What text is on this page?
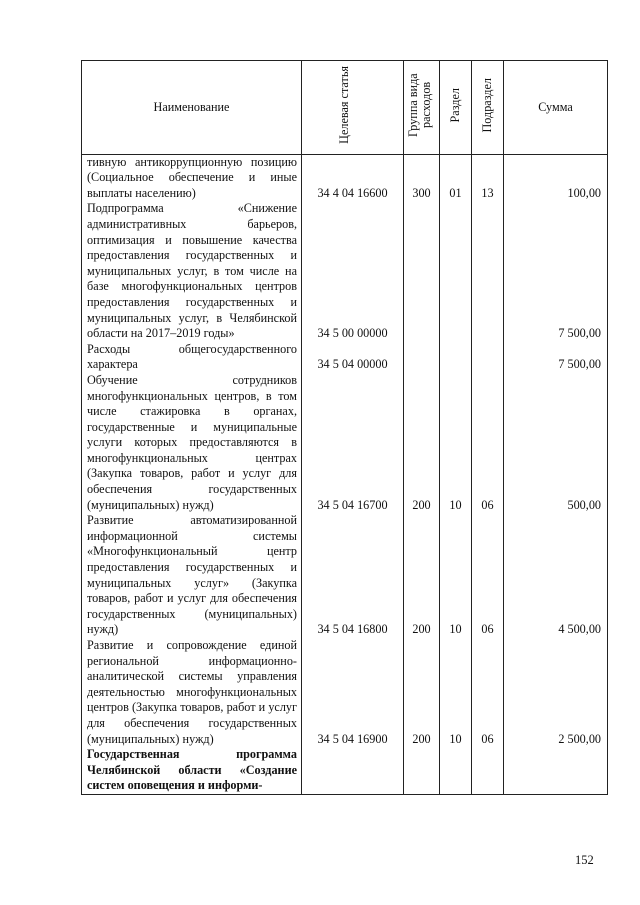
Наименование	Целевая статья	Группа вида расходов	Раздел	Подраздел	Сумма
тивную антикоррупционную позицию (Социальное обеспечение и иные выплаты населению)	34 4 04 16600	300	01	13	100,00
Подпрограмма «Снижение административных барьеров, оптимизация и повышение качества предоставления государственных и муниципальных услуг, в том числе на базе многофункциональных центров предоставления государственных и муниципальных услуг, в Челябинской области на 2017–2019 годы»	34 5 00 00000				7 500,00
Расходы общегосударственного характера	34 5 04 00000				7 500,00
Обучение сотрудников многофункциональных центров, в том числе стажировка в органах, государственные и муниципальные услуги которых предоставляются в многофункциональных центрах (Закупка товаров, работ и услуг для обеспечения государственных (муниципальных) нужд)	34 5 04 16700	200	10	06	500,00
Развитие автоматизированной информационной системы «Многофункциональный центр предоставления государственных и муниципальных услуг» (Закупка товаров, работ и услуг для обеспечения государственных (муниципальных) нужд)	34 5 04 16800	200	10	06	4 500,00
Развитие и сопровождение единой региональной информационно-аналитической системы управления деятельностью многофункциональных центров (Закупка товаров, работ и услуг для обеспечения государственных (муниципальных) нужд)	34 5 04 16900	200	10	06	2 500,00
Государственная программа Челябинской области «Создание систем оповещения и информи-					
152
